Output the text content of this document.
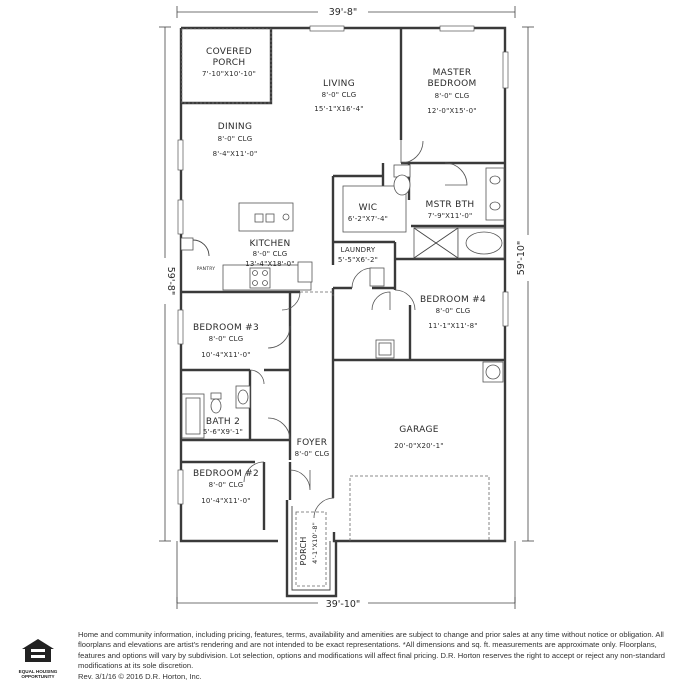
39'-8"
39'-10"
59'-8"
59'-10"
COVERED
PORCH
7'-10"X10'-10"
LIVING
8'-0" CLG
15'-1"X16'-4"
MASTER
BEDROOM
8'-0" CLG
12'-0"X15'-0"
DINING
8'-0" CLG
8'-4"X11'-0"
WIC
6'-2"X7'-4"
MSTR BTH
7'-9"X11'-0"
KITCHEN
8'-0" CLG
13'-4"X18'-0"
PANTRY
LAUNDRY
5'-5"X6'-2"
BEDROOM #4
8'-0" CLG
11'-1"X11'-8"
BEDROOM #3
8'-0" CLG
10'-4"X11'-0"
BATH 2
5'-6"X9'-1"	GARAGE
20'-0"X20'-1"
FOYER
8'-0" CLG
BEDROOM #2
8'-0" CLG
10'-4"X11'-0"
PORCH 4'-1"X10'-8"
EQUAL HOUSING
OPPORTUNITY
Home and community information, including pricing, features, terms, availability and amenities are subject to change and prior sales at any time without notice or obligation. All floorplans and elevations are artist's rendering and are not intended to be exact representations. *All dimensions and sq. ft. measurements are approximate only. Floorplans, features and options will vary by subdivision. Lot selection, options and modifications will affect final pricing. D.R. Horton reserves the right to accept or reject any non-standard modifications at its sole discretion.
Rev. 3/1/16 © 2016 D.R. Horton, Inc.
